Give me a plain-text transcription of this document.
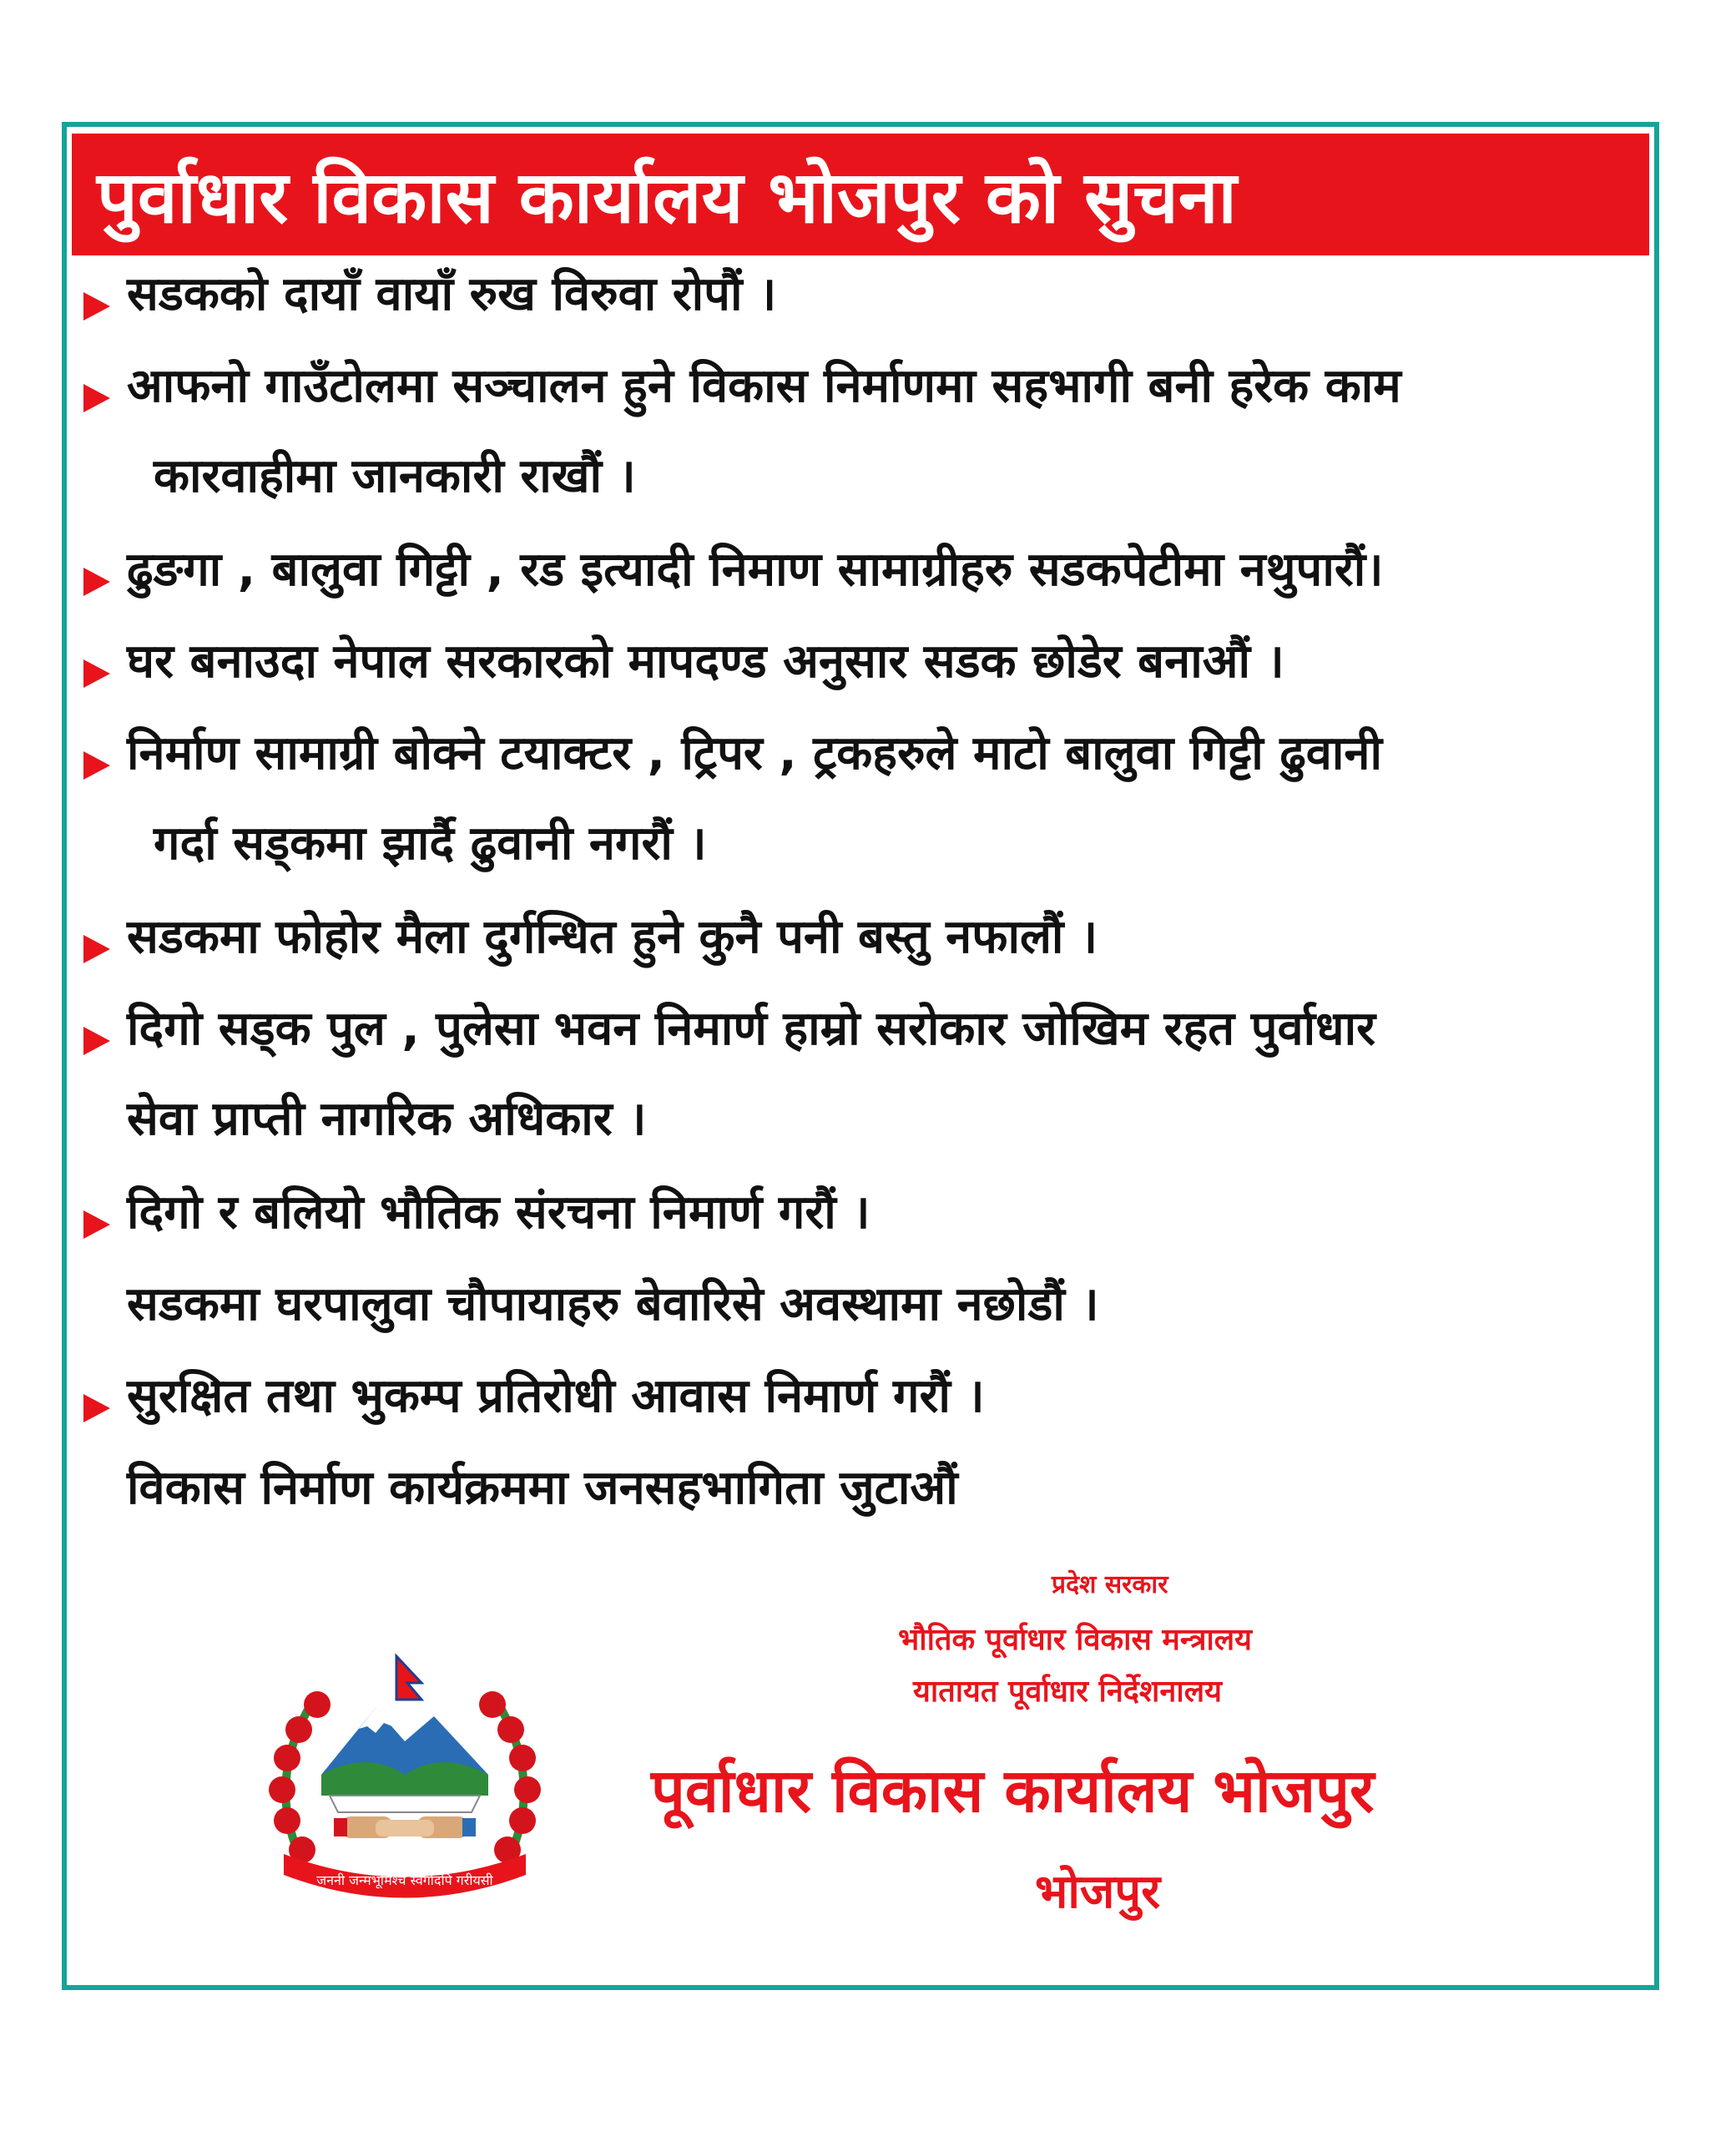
पुर्वाधार विकास कार्यालय भोजपुर को सुचना
सडकको दायाँ वायाँ रुख विरुवा रोपौं ।
आफनो गाउँटोलमा सञ्चालन हुने विकास निर्माणमा सहभागी बनी हरेक काम
कारवाहीमा जानकारी राखौं ।
ढुङगा , बालुवा गिट्टी , रड इत्यादी निमाण सामाग्रीहरु सडकपेटीमा नथुपारौं।
घर बनाउदा नेपाल सरकारको मापदण्ड अनुसार सडक छोडेर बनाऔं ।
निर्माण सामाग्री बोक्ने टयाक्टर , ट्रिपर , ट्रकहरुले माटो बालुवा गिट्टी ढुवानी
गर्दा सड्कमा झार्दै ढुवानी नगरौं ।
सडकमा फोहोर मैला दुर्गन्धित हुने कुनै पनी बस्तु नफालौं ।
दिगो सड्क पुल , पुलेसा भवन निमार्ण हाम्रो सरोकार जोखिम रहत पुर्वाधार
सेवा प्राप्ती नागरिक अधिकार ।
दिगो र बलियो भौतिक संरचना निमार्ण गरौं ।
सडकमा घरपालुवा चौपायाहरु बेवारिसे अवस्थामा नछोडौं ।
सुरक्षित तथा भुकम्प प्रतिरोधी आवास निमार्ण गरौं ।
विकास निर्माण कार्यक्रममा जनसहभागिता जुटाऔं
प्रदेश सरकार
भौतिक पूर्वाधार विकास मन्त्रालय
यातायत पूर्वाधार निर्देशनालय
पूर्वाधार विकास कार्यालय भोजपुर
भोजपुर
जननी जन्मभूमिश्च स्वर्गादपि गरीयसी
